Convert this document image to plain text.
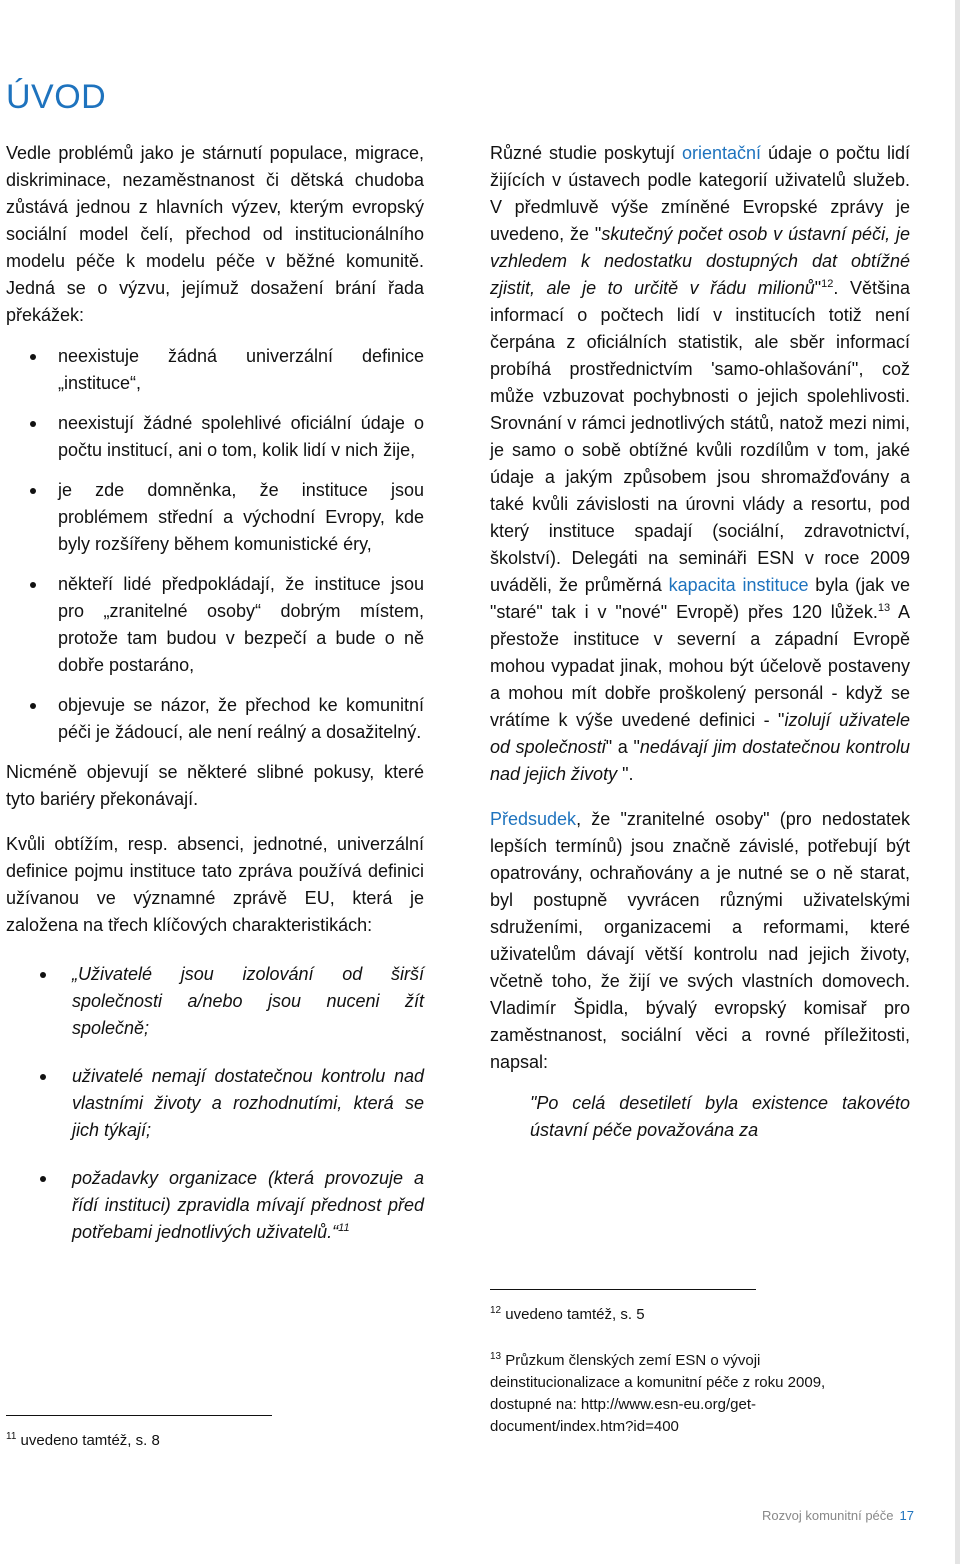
ÚVOD

Vedle problémů jako je stárnutí populace, migrace, diskriminace, nezaměstnanost či dětská chudoba zůstává jednou z hlavních výzev, kterým evropský sociální model čelí, přechod od institucionálního modelu péče k modelu péče v běžné komunitě. Jedná se o výzvu, jejímuž dosažení brání řada překážek:

neexistuje žádná univerzální definice „instituce“,
neexistují žádné spolehlivé oficiální údaje o počtu institucí, ani o tom, kolik lidí v nich žije,
je zde domněnka, že instituce jsou problémem střední a východní Evropy, kde byly rozšířeny během komunistické éry,
někteří lidé předpokládají, že instituce jsou pro „zranitelné osoby“ dobrým místem, protože tam budou v bezpečí a bude o ně dobře postaráno,
objevuje se názor, že přechod ke komunitní péči je žádoucí, ale není reálný a dosažitelný.

Nicméně objevují se některé slibné pokusy, které tyto bariéry překonávají.

Kvůli obtížím, resp. absenci, jednotné, univerzální definice pojmu instituce tato zpráva používá definici užívanou ve významné zprávě EU, která je založena na třech klíčových charakteristikách:

„Uživatelé jsou izolování od širší společnosti a/nebo jsou nuceni žít společně;
uživatelé nemají dostatečnou kontrolu nad vlastními životy a rozhodnutími, která se jich týkají;
požadavky organizace (která provozuje a řídí instituci) zpravidla mívají přednost před potřebami jednotlivých uživatelů.“$^{11}$

Různé studie poskytují orientační údaje o počtu lidí žijících v ústavech podle kategorií uživatelů služeb. V předmluvě výše zmíněné Evropské zprávy je uvedeno, že "skutečný počet osob v ústavní péči, je vzhledem k nedostatku dostupných dat obtížné zjistit, ale je to určitě v řádu milionů"$^{12}$. Většina informací o počtech lidí v institucích totiž není čerpána z oficiálních statistik, ale sběr informací probíhá prostřednictvím 'samo-ohlašování'', což může vzbuzovat pochybnosti o jejich spolehlivosti. Srovnání v rámci jednotlivých států, natož mezi nimi, je samo o sobě obtížné kvůli rozdílům v tom, jaké údaje a jakým způsobem jsou shromažďovány a také kvůli závislosti na úrovni vlády a resortu, pod který instituce spadají (sociální, zdravotnictví, školství). Delegáti na semináři ESN v roce 2009 uváděli, že průměrná kapacita instituce byla (jak ve "staré" tak i v "nové" Evropě) přes 120 lůžek.$^{13}$ A přestože instituce v severní a západní Evropě mohou vypadat jinak, mohou být účelově postaveny a mohou mít dobře proškolený personál - když se vrátíme k výše uvedené definici - "izolují uživatele od společnosti" a "nedávají jim dostatečnou kontrolu nad jejich životy ".

Předsudek, že "zranitelné osoby" (pro nedostatek lepších termínů) jsou značně závislé, potřebují být opatrovány, ochraňovány a je nutné se o ně starat, byl postupně vyvrácen různými uživatelskými sdruženími, organizacemi a reformami, které uživatelům dávají větší kontrolu nad jejich životy, včetně toho, že žijí ve svých vlastních domovech. Vladimír Špidla, bývalý evropský komisař pro zaměstnanost, sociální věci a rovné příležitosti, napsal:

"Po celá desetiletí byla existence takovéto ústavní péče považována za

$^{11}$ uvedeno tamtéž, s. 8
$^{12}$ uvedeno tamtéž, s. 5
$^{13}$ Průzkum členských zemí ESN o vývoji deinstitucionalizace a komunitní péče z roku 2009, dostupné na: http://www.esn-eu.org/get-document/index.htm?id=400
Rozvoj komunitní péče 17
